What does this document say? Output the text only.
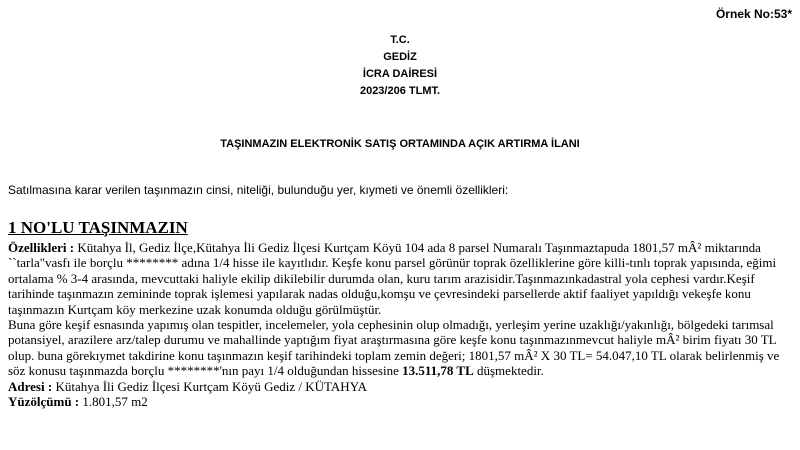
Örnek No:53*
T.C.
GEDİZ
İCRA DAİRESİ
2023/206 TLMT.
TAŞINMAZIN ELEKTRONİK SATIŞ ORTAMINDA AÇIK ARTIRMA İLANI
Satılmasına karar verilen taşınmazın cinsi, niteliği, bulunduğu yer, kıymeti ve önemli özellikleri:
1 NO'LU TAŞINMAZIN

Özellikleri : Kütahya İl, Gediz İlçe,Kütahya İli Gediz İlçesi Kurtçam Köyü 104 ada 8 parsel Numaralı Taşınmaztapuda 1801,57 mÂ² miktarında ``tarla"vasfı ile borçlu ******** adına 1/4 hisse ile kayıtlıdır. Keşfe konu parsel görünür toprak özelliklerine göre killi-tınlı toprak yapısında, eğimi ortalama % 3-4 arasında, mevcuttaki haliyle ekilip dikilebilir durumda olan, kuru tarım arazisidir.Taşınmazınkadastral yola cephesi vardır.Keşif tarihinde taşınmazın zemininde toprak işlemesi yapılarak nadas olduğu,komşu ve çevresindeki parsellerde aktif faaliyet yapıldığı vekeşfe konu taşınmazın Kurtçam köy merkezine uzak konumda olduğu görülmüştür.

Buna göre keşif esnasında yapımış olan tespitler, incelemeler, yola cephesinin olup olmadığı, yerleşim yerine uzaklığı/yakınlığı, bölgedeki tarımsal potansiyel, arazilere arz/talep durumu ve mahallinde yaptığım fiyat araştırmasına göre keşfe konu taşınmazınmevcut haliyle mÂ² birim fiyatı 30 TL olup. buna görekıymet takdirine konu taşınmazın keşif tarihindeki toplam zemin değeri; 1801,57 mÂ² X 30 TL= 54.047,10 TL olarak belirlenmiş ve söz konusu taşınmazda borçlu ********'nın payı 1/4 olduğundan hissesine 13.511,78 TL düşmektedir.

Adresi : Kütahya İli Gediz İlçesi Kurtçam Köyü Gediz / KÜTAHYA

Yüzölçümü : 1.801,57 m2
